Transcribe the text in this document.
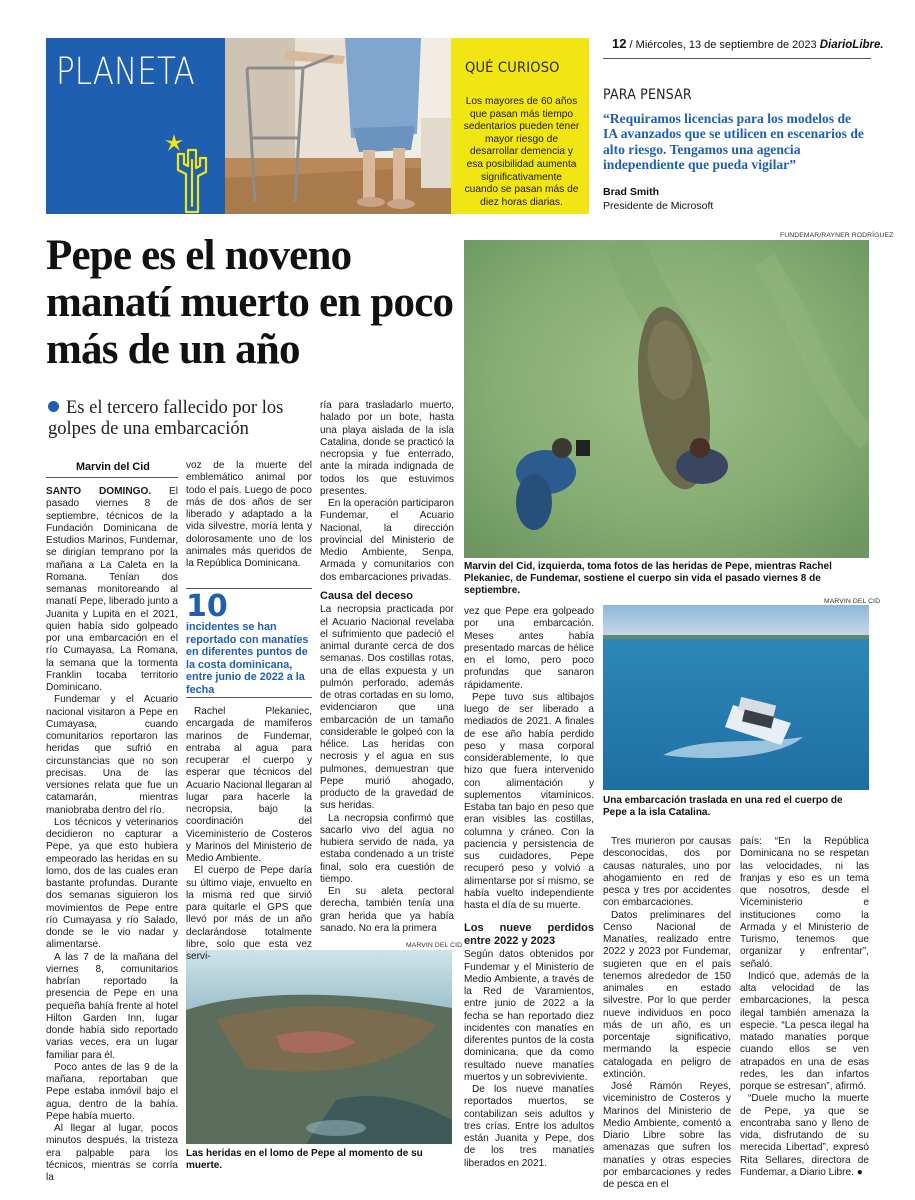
PLANETA	QUÉ CURIOSO
Los mayores de 60 años que pasan más tiempo sedentarios pueden tener mayor riesgo de desarrollar demencia y esa posibilidad aumenta significativamente cuando se pasan más de diez horas diarias.
12 / Miércoles, 13 de septiembre de 2023 DiarioLibre.
PARA PENSAR
“Requiramos licencias para los modelos de IA avanzados que se utilicen en escenarios de alto riesgo. Tengamos una agencia independiente que pueda vigilar”
Brad Smith
Presidente de Microsoft
Pepe es el noveno manatí muerto en poco más de un año
Es el tercero fallecido por los golpes de una embarcación
Marvin del Cid
FUNDEMAR/RAYNER RODRÍGUEZ
Marvin del Cid, izquierda, toma fotos de las heridas de Pepe, mientras Rachel Plekaniec, de Fundemar, sostiene el cuerpo sin vida el pasado viernes 8 de septiembre.
MARVIN DEL CID
Una embarcación traslada en una red el cuerpo de Pepe a la isla Catalina.
MARVIN DEL CID
Las heridas en el lomo de Pepe al momento de su muerte.

SANTO DOMINGO. El pasado viernes 8 de septiembre, técnicos de la Fundación Dominicana de Estudios Marinos, Fundemar, se dirigían temprano por la mañana a La Caleta en la Romana. Tenían dos semanas monitoreando al manatí Pepe, liberado junto a Juanita y Lupita en el 2021, quien había sido golpeado por una embarcación en el río Cumayasa, La Romana, la semana que la tormenta Franklin tocaba territorio Dominicano.

Fundemar y el Acuario nacional visitaron a Pepe en Cumayasa, cuando comunitarios reportaron las heridas que sufrió en circunstancias que no son precisas. Una de las versiones relata que fue un catamarán, mientras maniobraba dentro del río.

Los técnicos y veterinarios decidieron no capturar a Pepe, ya que esto hubiera empeorado las heridas en su lomo, dos de las cuales eran bastante profundas. Durante dos semanas siguieron los movimientos de Pepe entre río Cumayasa y río Salado, donde se le vio nadar y alimentarse.

A las 7 de la mañana del viernes 8, comunitarios habrían reportado la presencia de Pepe en una pequeña bahía frente al hotel Hilton Garden Inn, lugar donde había sido reportado varias veces, era un lugar familiar para él.

Poco antes de las 9 de la mañana, reportaban que Pepe estaba inmóvil bajo el agua, dentro de la bahía. Pepe había muerto.

Al llegar al lugar, pocos minutos después, la tristeza era palpable para los técnicos, mientras se corría la

voz de la muerte del emblemático animal por todo el país. Luego de poco más de dos años de ser liberado y adaptado a la vida silvestre, moría lenta y dolorosamente uno de los animales más queridos de la República Dominicana.

10
incidentes se han reportado con manatíes en diferentes puntos de la costa dominicana, entre junio de 2022 a la fecha

Rachel Plekaniec, encargada de mamíferos marinos de Fundemar, entraba al agua para recuperar el cuerpo y esperar que técnicos del Acuario Nacional llegaran al lugar para hacerle la necropsia, bajo la coordinación del Viceministerio de Costeros y Marinos del Ministerio de Medio Ambiente.

El cuerpo de Pepe daría su último viaje, envuelto en la misma red que sirvió para quitarle el GPS que llevó por más de un año declarándose totalmente libre, solo que esta vez servi-

ría para trasladarlo muerto, halado por un bote, hasta una playa aislada de la isla Catalina, donde se practicó la necropsia y fue enterrado, ante la mirada indignada de todos los que estuvimos presentes.

En la operación participaron Fundemar, el Acuario Nacional, la dirección provincial del Ministerio de Medio Ambiente, Senpa, Armada y comunitarios con dos embarcaciones privadas.

Causa del deceso

La necropsia practicada por el Acuario Nacional revelaba el sufrimiento que padeció el animal durante cerca de dos semanas. Dos costillas rotas, una de ellas expuesta y un pulmón perforado, además de otras cortadas en su lomo, evidenciaron que una embarcación de un tamaño considerable le golpeó con la hélice. Las heridas con necrosis y el agua en sus pulmones, demuestran que Pepe murió ahogado, producto de la gravedad de sus heridas.

La necropsia confirmó que sacarlo vivo del agua no hubiera servido de nada, ya estaba condenado a un triste final, solo era cuestión de tiempo.

En su aleta pectoral derecha, también tenía una gran herida que ya había sanado. No era la primera

vez que Pepe era golpeado por una embarcación. Meses antes había presentado marcas de hélice en el lomo, pero poco profundas que sanaron rápidamente.

Pepe tuvo sus altibajos luego de ser liberado a mediados de 2021. A finales de ese año había perdido peso y masa corporal considerablemente, lo que hizo que fuera intervenido con alimentación y suplementos vitamínicos. Estaba tan bajo en peso que eran visibles las costillas, columna y cráneo. Con la paciencia y persistencia de sus cuidadores, Pepe recuperó peso y volvió a alimentarse por sí mismo, se había vuelto independiente hasta el día de su muerte.

Los nueve perdidos entre 2022 y 2023

Según datos obtenidos por Fundemar y el Ministerio de Medio Ambiente, a través de la Red de Varamientos, entre junio de 2022 a la fecha se han reportado diez incidentes con manatíes en diferentes puntos de la costa dominicana, que da como resultado nueve manatíes muertos y un sobreviviente.

De los nueve manatíes reportados muertos, se contabilizan seis adultos y tres crías. Entre los adultos están Juanita y Pepe, dos de los tres manatíes liberados en 2021.

Tres murieron por causas desconocidas, dos por causas naturales, uno por ahogamiento en red de pesca y tres por accidentes con embarcaciones.

Datos preliminares del Censo Nacional de Manatíes, realizado entre 2022 y 2023 por Fundemar, sugieren que en el país tenemos alrededor de 150 animales en estado silvestre. Por lo que perder nueve individuos en poco más de un año, es un porcentaje significativo, mermando la especie catalogada en peligro de extinción.

José Ramón Reyes, viceministro de Costeros y Marinos del Ministerio de Medio Ambiente, comentó a Diario Libre sobre las amenazas que sufren los manatíes y otras especies por embarcaciones y redes de pesca en el

país: “En la República Dominicana no se respetan las velocidades, ni las franjas y eso es un tema que nosotros, desde el Viceministerio e instituciones como la Armada y el Ministerio de Turismo, tenemos que organizar y enfrentar”, señaló.

Indicó que, además de la alta velocidad de las embarcaciones, la pesca ilegal también amenaza la especie. “La pesca ilegal ha matado manatíes porque cuando ellos se ven atrapados en una de esas redes, les dan infartos porque se estresan”, afirmó.

“Duele mucho la muerte de Pepe, ya que se encontraba sano y lleno de vida, disfrutando de su merecida Libertad”, expresó Rita Sellares, directora de Fundemar, a Diario Libre. ●
